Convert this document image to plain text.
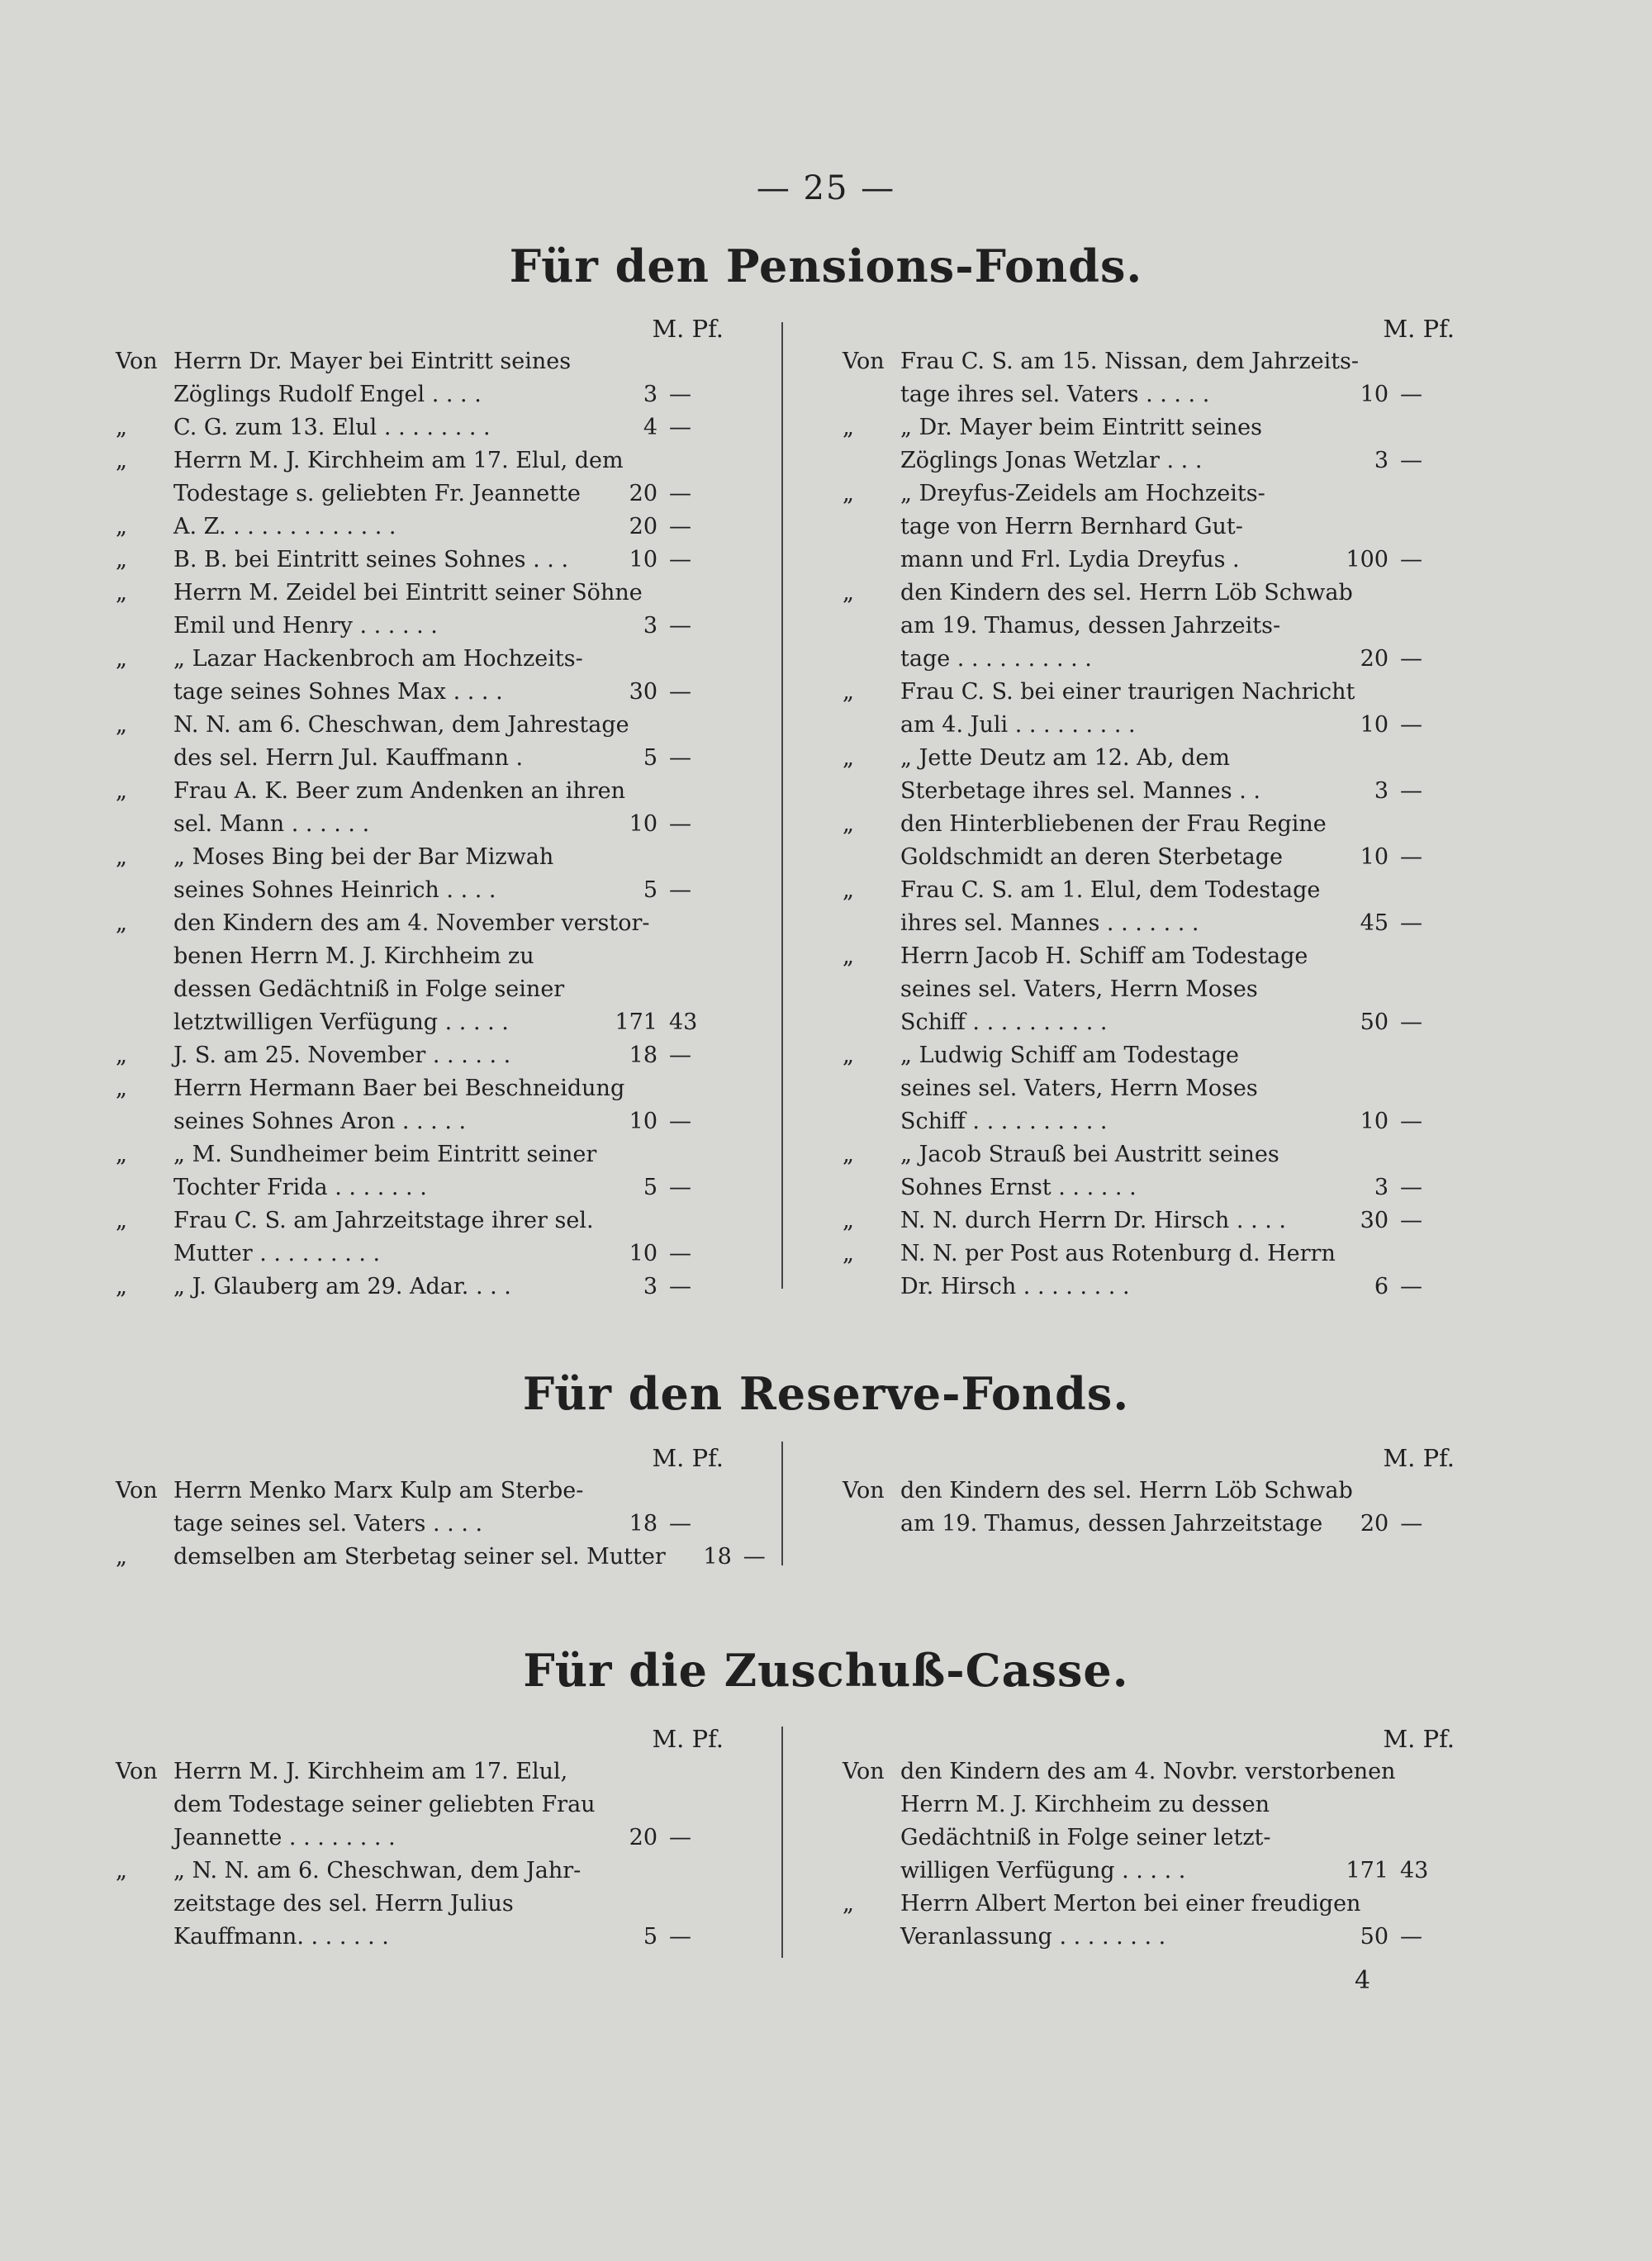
— 25 —
Für den Pensions-Fonds.
M. Pf.
Von Herrn Dr. Mayer bei Eintritt seines
Zöglings Rudolf Engel . . . .	3 —
„	C. G. zum 13. Elul . . . . . . . .	4 —
„	Herrn M. J. Kirchheim am 17. Elul, dem
Todestage s. geliebten Fr. Jeannette	20 —
„	A. Z. . . . . . . . . . . . .	20 —
„	B. B. bei Eintritt seines Sohnes . . .	10 —
„	Herrn M. Zeidel bei Eintritt seiner Söhne
Emil und Henry . . . . . .	3 —
„	„ Lazar Hackenbroch am Hochzeits-
tage seines Sohnes Max . . . .	30 —
„	N. N. am 6. Cheschwan, dem Jahrestage
des sel. Herrn Jul. Kauffmann .	5 —
„	Frau A. K. Beer zum Andenken an ihren
sel. Mann . . . . . .	10 —
„	„ Moses Bing bei der Bar Mizwah
seines Sohnes Heinrich . . . .	5 —
„	den Kindern des am 4. November verstor-
benen Herrn M. J. Kirchheim zu
dessen Gedächtniß in Folge seiner
letztwilligen Verfügung . . . . .	171 43
„	J. S. am 25. November . . . . . .	18 —
„	Herrn Hermann Baer bei Beschneidung
seines Sohnes Aron . . . . .	10 —
„	„ M. Sundheimer beim Eintritt seiner
Tochter Frida . . . . . . .	5 —
„	Frau C. S. am Jahrzeitstage ihrer sel.
Mutter . . . . . . . . .	10 —
„	„ J. Glauberg am 29. Adar. . . .	3 —
M. Pf.
Von Frau C. S. am 15. Nissan, dem Jahrzeits-
tage ihres sel. Vaters . . . . .	10 —
„	„ Dr. Mayer beim Eintritt seines
Zöglings Jonas Wetzlar . . .	3 —
„	„ Dreyfus-Zeidels am Hochzeits-
tage von Herrn Bernhard Gut-
mann und Frl. Lydia Dreyfus .	100 —
„	den Kindern des sel. Herrn Löb Schwab
am 19. Thamus, dessen Jahrzeits-
tage . . . . . . . . . .	20 —
„	Frau C. S. bei einer traurigen Nachricht
am 4. Juli . . . . . . . . .	10 —
„	„ Jette Deutz am 12. Ab, dem
Sterbetage ihres sel. Mannes . .	3 —
„	den Hinterbliebenen der Frau Regine
Goldschmidt an deren Sterbetage	10 —
„	Frau C. S. am 1. Elul, dem Todestage
ihres sel. Mannes . . . . . . .	45 —
„	Herrn Jacob H. Schiff am Todestage
seines sel. Vaters, Herrn Moses
Schiff . . . . . . . . . .	50 —
„	„ Ludwig Schiff am Todestage
seines sel. Vaters, Herrn Moses
Schiff . . . . . . . . . .	10 —
„	„ Jacob Strauß bei Austritt seines
Sohnes Ernst . . . . . .	3 —
„	N. N. durch Herrn Dr. Hirsch . . . .	30 —
„	N. N. per Post aus Rotenburg d. Herrn
Dr. Hirsch . . . . . . . .	6 —
Für den Reserve-Fonds.
M. Pf.
Von Herrn Menko Marx Kulp am Sterbe-
tage seines sel. Vaters . . . .	18 —
„	demselben am Sterbetag seiner sel. Mutter	18 —
M. Pf.
Von den Kindern des sel. Herrn Löb Schwab
am 19. Thamus, dessen Jahrzeitstage	20 —
Für die Zuschuß-Casse.
M. Pf.
Von Herrn M. J. Kirchheim am 17. Elul,
dem Todestage seiner geliebten Frau
Jeannette . . . . . . . .	20 —
„	„ N. N. am 6. Cheschwan, dem Jahr-
zeitstage des sel. Herrn Julius
Kauffmann. . . . . . .	5 —
M. Pf.
Von den Kindern des am 4. Novbr. verstorbenen
Herrn M. J. Kirchheim zu dessen
Gedächtniß in Folge seiner letzt-
willigen Verfügung . . . . .	171 43
„	Herrn Albert Merton bei einer freudigen
Veranlassung . . . . . . . .	50 —
4
